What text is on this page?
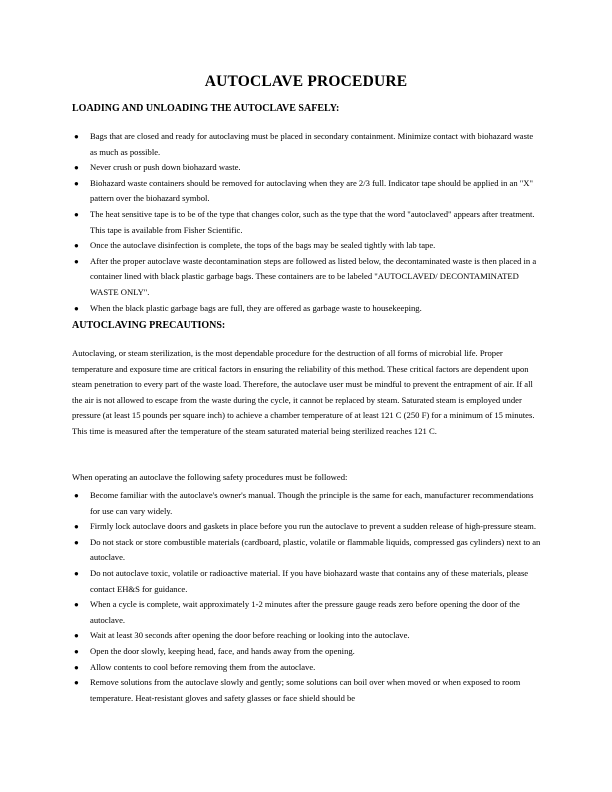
AUTOCLAVE PROCEDURE
LOADING AND UNLOADING THE AUTOCLAVE SAFELY:
● Bags that are closed and ready for autoclaving must be placed in secondary containment. Minimize contact with biohazard waste as much as possible.
● Never crush or push down biohazard waste.
● Biohazard waste containers should be removed for autoclaving when they are 2/3 full. Indicator tape should be applied in an "X" pattern over the biohazard symbol.
● The heat sensitive tape is to be of the type that changes color, such as the type that the word "autoclaved" appears after treatment. This tape is available from Fisher Scientific.
● Once the autoclave disinfection is complete, the tops of the bags may be sealed tightly with lab tape.
● After the proper autoclave waste decontamination steps are followed as listed below, the decontaminated waste is then placed in a container lined with black plastic garbage bags. These containers are to be labeled "AUTOCLAVED/ DECONTAMINATED WASTE ONLY".
● When the black plastic garbage bags are full, they are offered as garbage waste to housekeeping.
AUTOCLAVING PRECAUTIONS:

Autoclaving, or steam sterilization, is the most dependable procedure for the destruction of all forms of microbial life. Proper temperature and exposure time are critical factors in ensuring the reliability of this method. These critical factors are dependent upon steam penetration to every part of the waste load. Therefore, the autoclave user must be mindful to prevent the entrapment of air. If all the air is not allowed to escape from the waste during the cycle, it cannot be replaced by steam. Saturated steam is employed under pressure (at least 15 pounds per square inch) to achieve a chamber temperature of at least 121 C (250 F) for a minimum of 15 minutes. This time is measured after the temperature of the steam saturated material being sterilized reaches 121 C.

When operating an autoclave the following safety procedures must be followed:

● Become familiar with the autoclave's owner's manual. Though the principle is the same for each, manufacturer recommendations for use can vary widely.
● Firmly lock autoclave doors and gaskets in place before you run the autoclave to prevent a sudden release of high-pressure steam.
● Do not stack or store combustible materials (cardboard, plastic, volatile or flammable liquids, compressed gas cylinders) next to an autoclave.
● Do not autoclave toxic, volatile or radioactive material. If you have biohazard waste that contains any of these materials, please contact EH&S for guidance.
● When a cycle is complete, wait approximately 1-2 minutes after the pressure gauge reads zero before opening the door of the autoclave.
● Wait at least 30 seconds after opening the door before reaching or looking into the autoclave.
● Open the door slowly, keeping head, face, and hands away from the opening.
● Allow contents to cool before removing them from the autoclave.
● Remove solutions from the autoclave slowly and gently; some solutions can boil over when moved or when exposed to room temperature. Heat-resistant gloves and safety glasses or face shield should be
